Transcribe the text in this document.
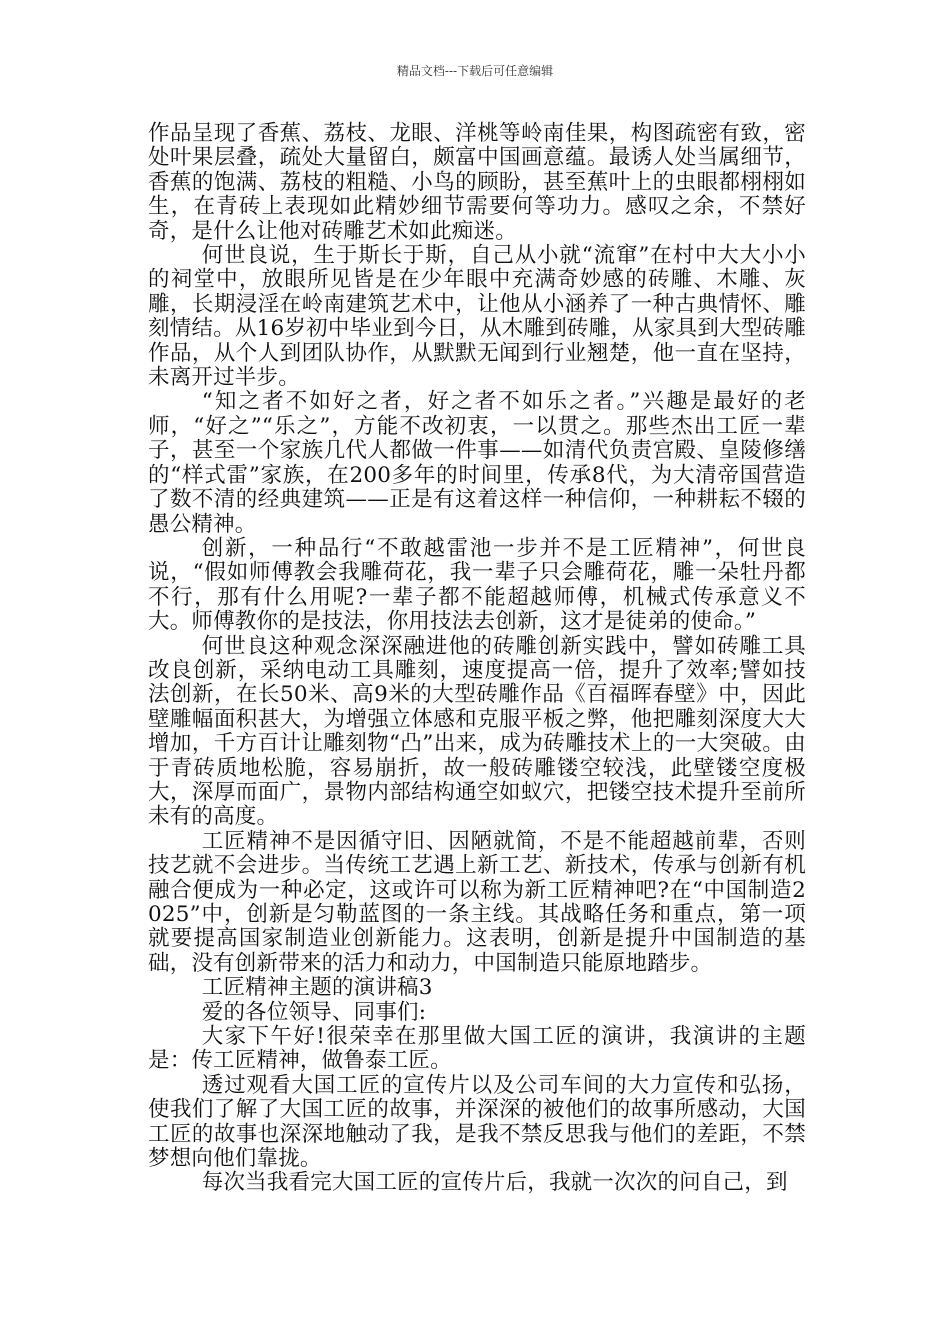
精品文档---下载后可任意编辑

作品呈现了香蕉、荔枝、龙眼、洋桃等岭南佳果，构图疏密有致，密处叶果层叠，疏处大量留白，颇富中国画意蕴。最诱人处当属细节，香蕉的饱满、荔枝的粗糙、小鸟的顾盼，甚至蕉叶上的虫眼都栩栩如生，在青砖上表现如此精妙细节需要何等功力。感叹之余，不禁好奇，是什么让他对砖雕艺术如此痴迷。

何世良说，生于斯长于斯，自己从小就“流窜”在村中大大小小的祠堂中，放眼所见皆是在少年眼中充满奇妙感的砖雕、木雕、灰雕，长期浸淫在岭南建筑艺术中，让他从小涵养了一种古典情怀、雕刻情结。从16岁初中毕业到今日，从木雕到砖雕，从家具到大型砖雕作品，从个人到团队协作，从默默无闻到行业翘楚，他一直在坚持，未离开过半步。

“知之者不如好之者，好之者不如乐之者。”兴趣是最好的老师，“好之”“乐之”，方能不改初衷，一以贯之。那些杰出工匠一辈子，甚至一个家族几代人都做一件事——如清代负责宫殿、皇陵修缮的“样式雷”家族，在200多年的时间里，传承8代，为大清帝国营造了数不清的经典建筑——正是有这着这样一种信仰，一种耕耘不辍的愚公精神。

创新，一种品行“不敢越雷池一步并不是工匠精神”，何世良说，“假如师傅教会我雕荷花，我一辈子只会雕荷花，雕一朵牡丹都不行，那有什么用呢?一辈子都不能超越师傅，机械式传承意义不大。师傅教你的是技法，你用技法去创新，这才是徒弟的使命。”

何世良这种观念深深融进他的砖雕创新实践中，譬如砖雕工具改良创新，采纳电动工具雕刻，速度提高一倍，提升了效率;譬如技法创新，在长50米、高9米的大型砖雕作品《百福晖春壁》中，因此壁雕幅面积甚大，为增强立体感和克服平板之弊，他把雕刻深度大大增加，千方百计让雕刻物“凸”出来，成为砖雕技术上的一大突破。由于青砖质地松脆，容易崩折，故一般砖雕镂空较浅，此壁镂空度极大，深厚而面广，景物内部结构通空如蚁穴，把镂空技术提升至前所未有的高度。

工匠精神不是因循守旧、因陋就简，不是不能超越前辈，否则技艺就不会进步。当传统工艺遇上新工艺、新技术，传承与创新有机融合便成为一种必定，这或许可以称为新工匠精神吧?在“中国制造2025”中，创新是匀勒蓝图的一条主线。其战略任务和重点，第一项就要提高国家制造业创新能力。这表明，创新是提升中国制造的基础，没有创新带来的活力和动力，中国制造只能原地踏步。

工匠精神主题的演讲稿3

爱的各位领导、同事们:

大家下午好!很荣幸在那里做大国工匠的演讲，我演讲的主题是：传工匠精神，做鲁泰工匠。

透过观看大国工匠的宣传片以及公司车间的大力宣传和弘扬，使我们了解了大国工匠的故事，并深深的被他们的故事所感动，大国工匠的故事也深深地触动了我，是我不禁反思我与他们的差距，不禁梦想向他们靠拢。

每次当我看完大国工匠的宣传片后，我就一次次的问自己，到
